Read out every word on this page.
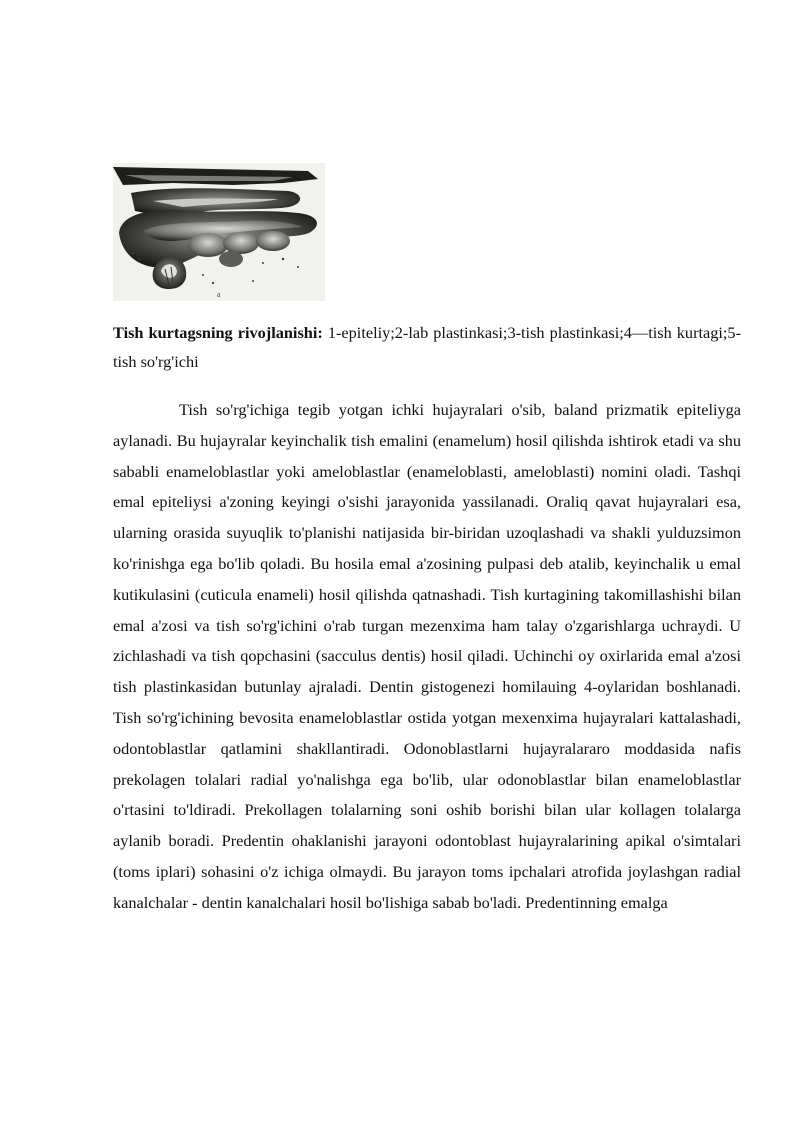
a
Tish kurtagsning rivojlanishi: 1-epiteliy;2-lab plastinkasi;3-tish plastinkasi;4—tish kurtagi;5-tish so'rg'ichi

Tish so'rg'ichiga tegib yotgan ichki hujayralari o'sib, baland prizmatik epiteliyga aylanadi. Bu hujayralar keyinchalik tish emalini (enamelum) hosil qilishda ishtirok etadi va shu sababli enameloblastlar yoki ameloblastlar (enameloblasti, ameloblasti) nomini oladi. Tashqi emal epiteliysi a'zoning keyingi o'sishi jarayonida yassilanadi. Oraliq qavat hujayralari esa, ularning orasida suyuqlik to'planishi natijasida bir-biridan uzoqlashadi va shakli yulduzsimon ko'rinishga ega bo'lib qoladi. Bu hosila emal a'zosining pulpasi deb atalib, keyinchalik u emal kutikulasini (cuticula enameli) hosil qilishda qatnashadi. Tish kurtagining takomillashishi bilan emal a'zosi va tish so'rg'ichini o'rab turgan mezenxima ham talay o'zgarishlarga uchraydi. U zichlashadi va tish qopchasini (sacculus dentis) hosil qiladi. Uchinchi oy oxirlarida emal a'zosi tish plastinkasidan butunlay ajraladi. Dentin gistogenezi homilauing 4-oylaridan boshlanadi. Tish so'rg'ichining bevosita enameloblastlar ostida yotgan mexenxima hujayralari kattalashadi, odontoblastlar qatlamini shakllantiradi. Odonoblastlarni hujayralararo moddasida nafis prekolagen tolalari radial yo'nalishga ega bo'lib, ular odonoblastlar bilan enameloblastlar o'rtasini to'ldiradi. Prekollagen tolalarning soni oshib borishi bilan ular kollagen tolalarga aylanib boradi. Predentin ohaklanishi jarayoni odontoblast hujayralarining apikal o'simtalari (toms iplari) sohasini o'z ichiga olmaydi. Bu jarayon toms ipchalari atrofida joylashgan radial kanalchalar - dentin kanalchalari hosil bo'lishiga sabab bo'ladi. Predentinning emalga
